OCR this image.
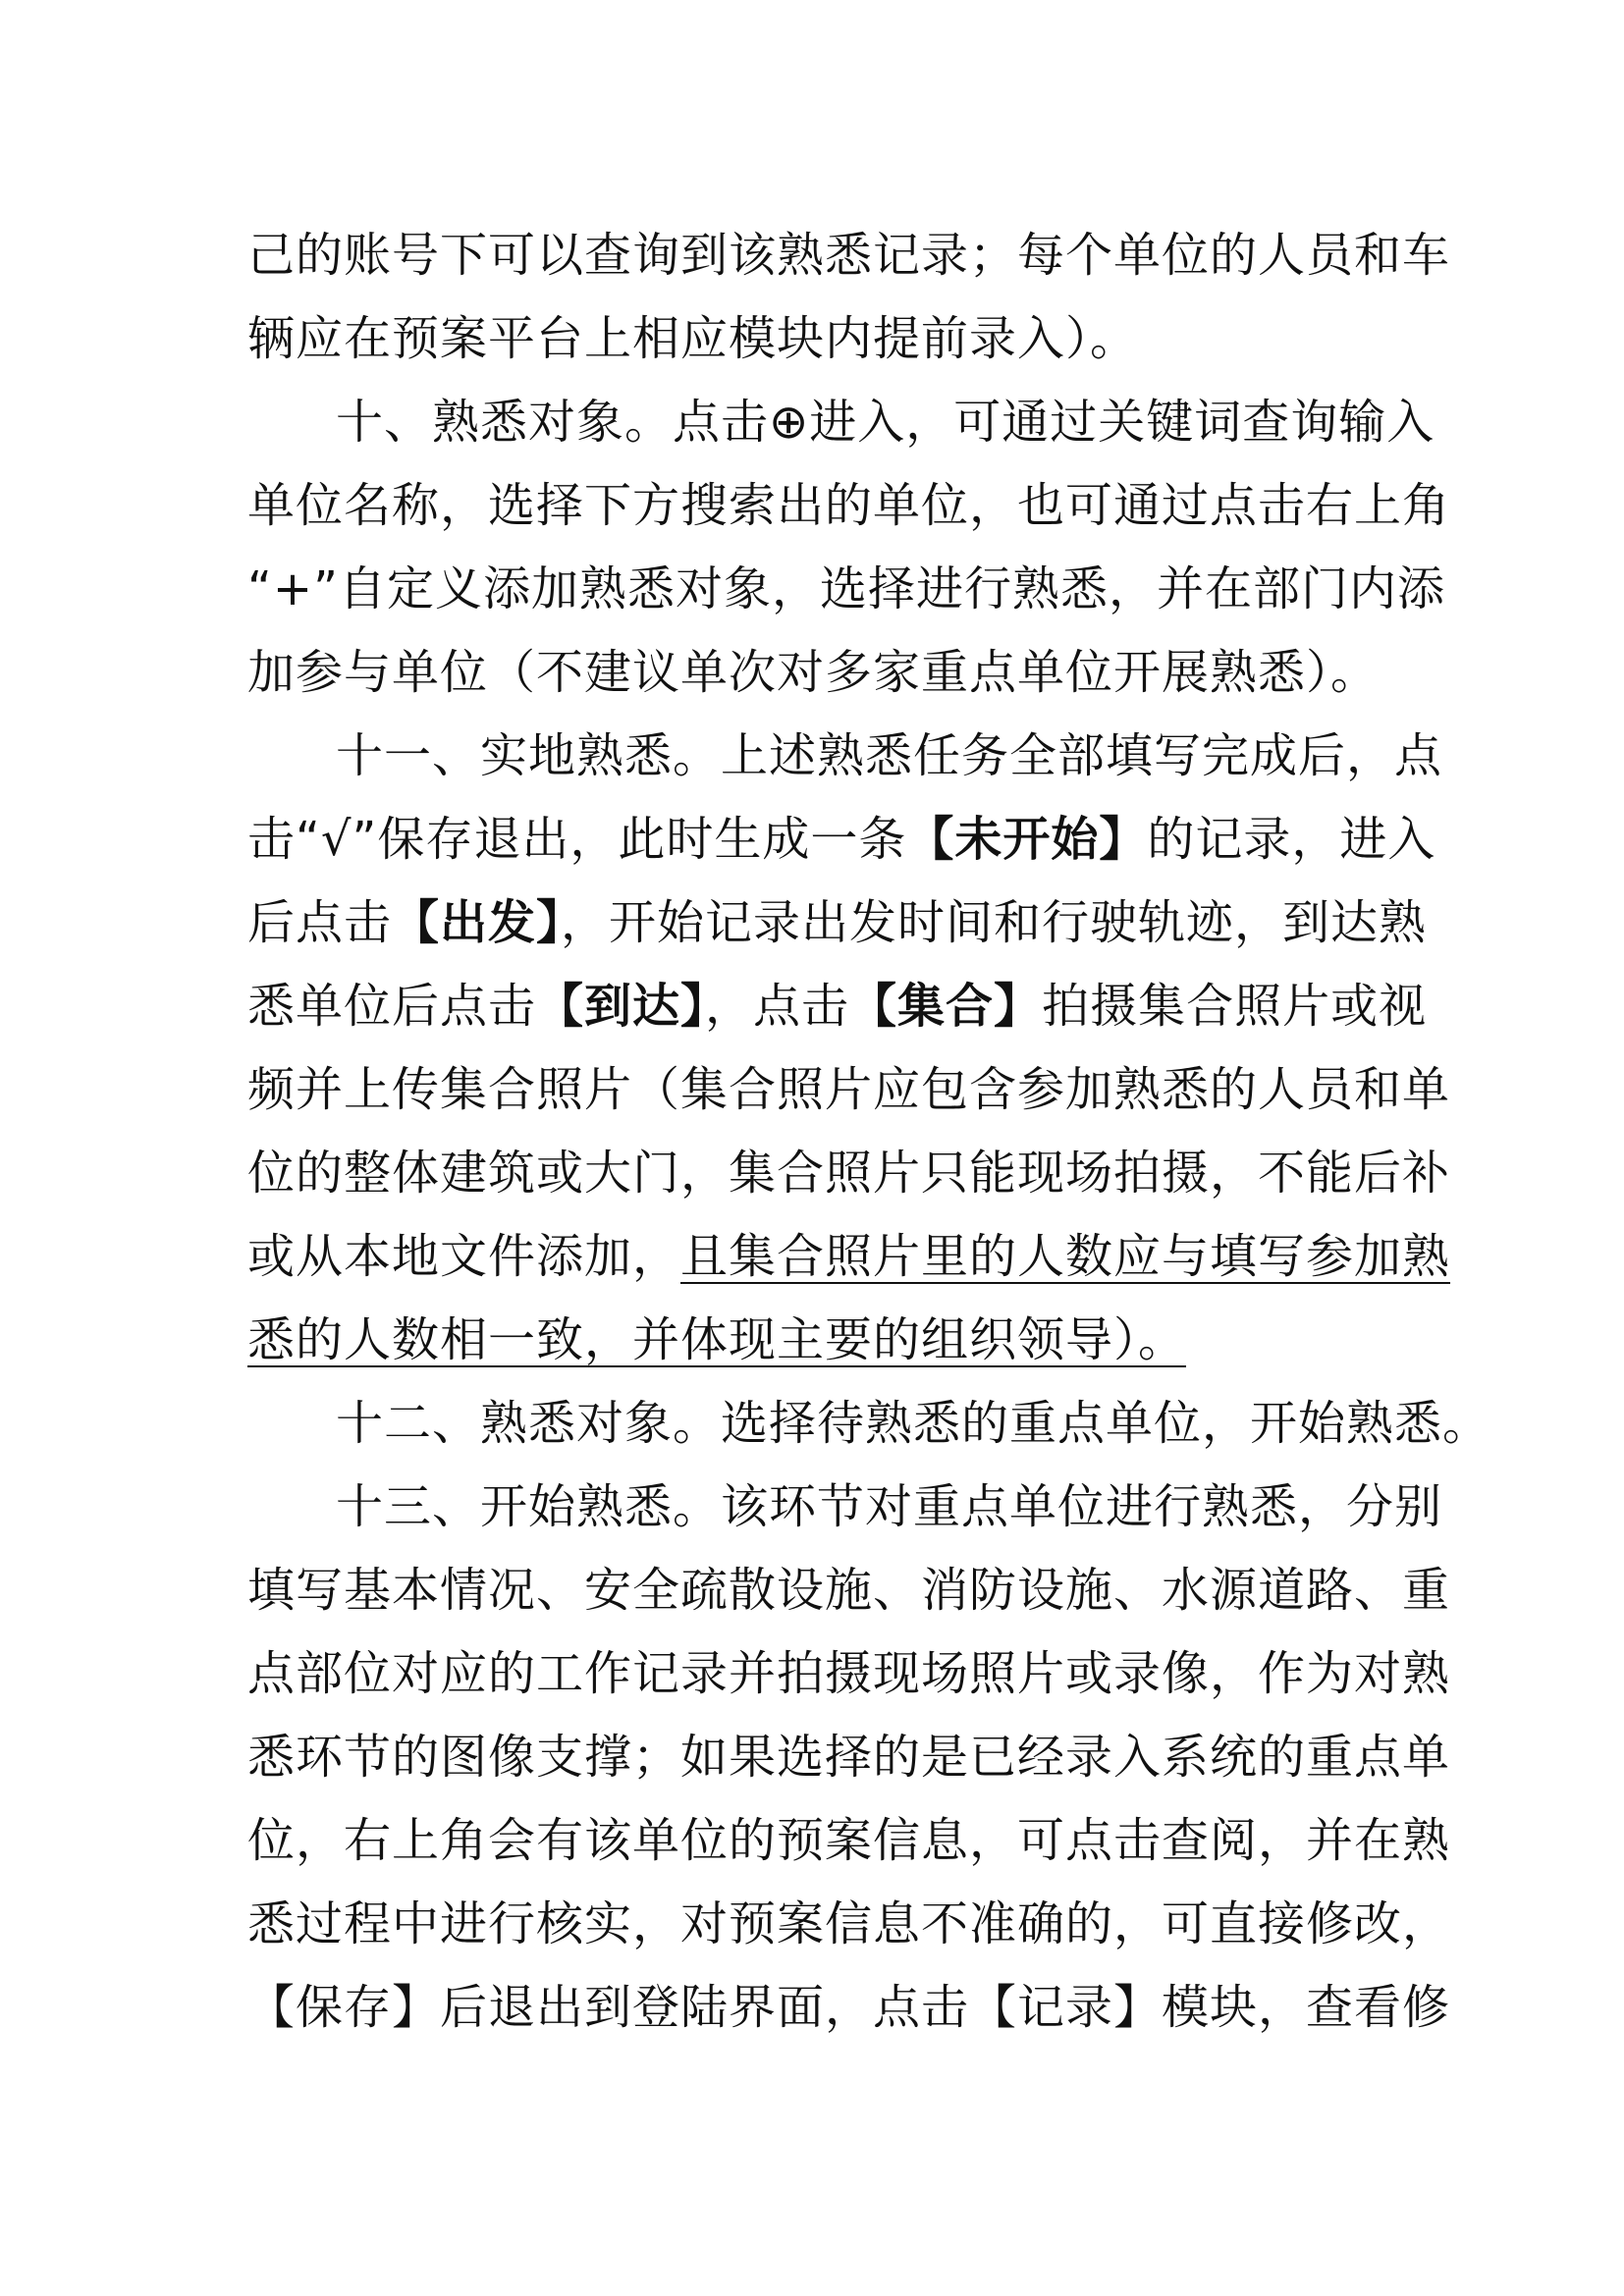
己的账号下可以查询到该熟悉记录；每个单位的人员和车
辆应在预案平台上相应模块内提前录入）。
十、熟悉对象。点击⊕进入，可通过关键词查询输入
单位名称，选择下方搜索出的单位，也可通过点击右上角
“+”自定义添加熟悉对象，选择进行熟悉，并在部门内添
加参与单位（不建议单次对多家重点单位开展熟悉）。
十一、实地熟悉。上述熟悉任务全部填写完成后，点
击“√”保存退出，此时生成一条【未开始】的记录，进入
后点击【出发】，开始记录出发时间和行驶轨迹，到达熟
悉单位后点击【到达】，点击【集合】拍摄集合照片或视
频并上传集合照片（集合照片应包含参加熟悉的人员和单
位的整体建筑或大门，集合照片只能现场拍摄，不能后补
或从本地文件添加，且集合照片里的人数应与填写参加熟
悉的人数相一致，并体现主要的组织领导）。
十二、熟悉对象。选择待熟悉的重点单位，开始熟悉。
十三、开始熟悉。该环节对重点单位进行熟悉，分别
填写基本情况、安全疏散设施、消防设施、水源道路、重
点部位对应的工作记录并拍摄现场照片或录像，作为对熟
悉环节的图像支撑；如果选择的是已经录入系统的重点单
位，右上角会有该单位的预案信息，可点击查阅，并在熟
悉过程中进行核实，对预案信息不准确的，可直接修改，
【保存】后退出到登陆界面，点击【记录】模块，查看修
